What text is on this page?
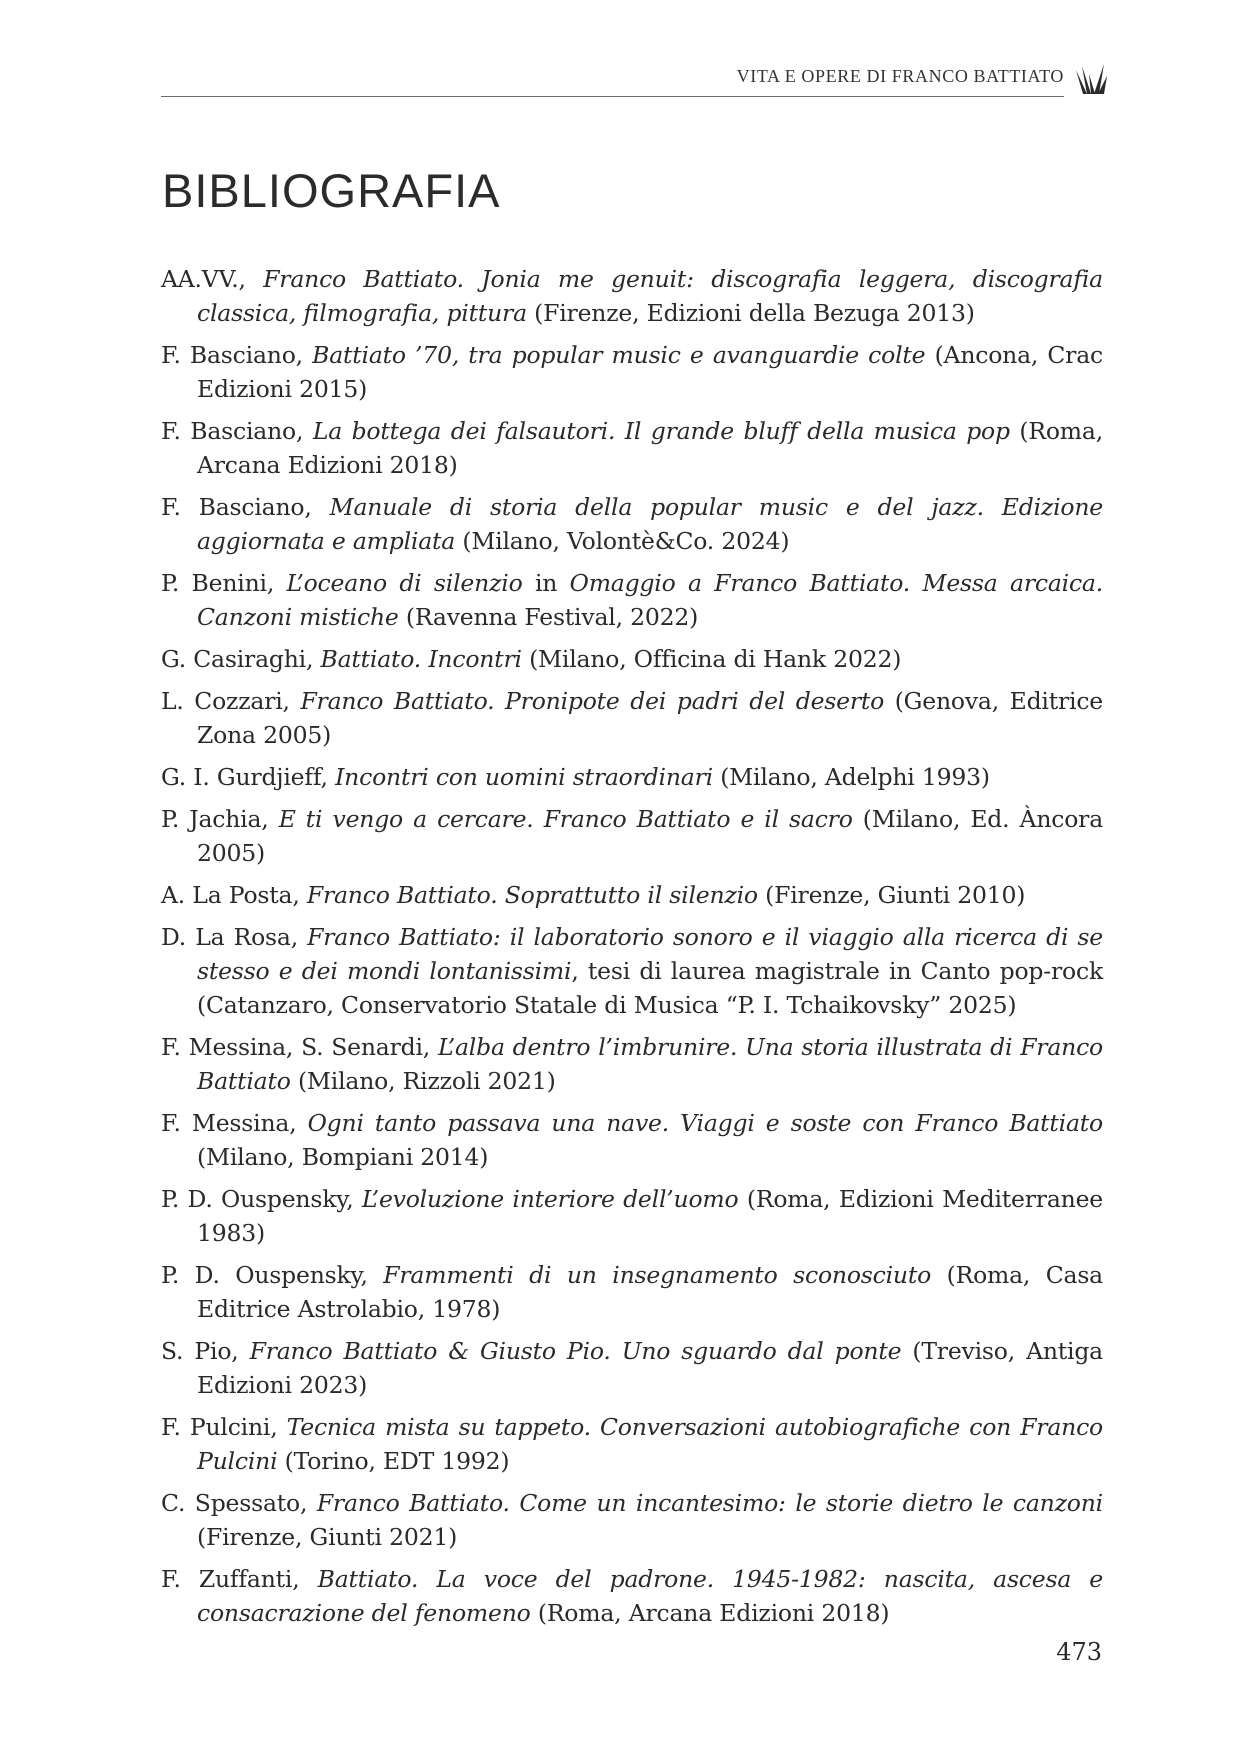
VITA E OPERE DI FRANCO BATTIATO
BIBLIOGRAFIA
AA.VV., Franco Battiato. Jonia me genuit: discografia leggera, discografia classica, filmografia, pittura (Firenze, Edizioni della Bezuga 2013)
F. Basciano, Battiato ’70, tra popular music e avanguardie colte (Ancona, Crac Edizioni 2015)
F. Basciano, La bottega dei falsautori. Il grande bluff della musica pop (Roma, Arcana Edizioni 2018)
F. Basciano, Manuale di storia della popular music e del jazz. Edizione aggiornata e ampliata (Milano, Volontè&Co. 2024)
P. Benini, L’oceano di silenzio in Omaggio a Franco Battiato. Messa arcaica. Canzoni mistiche (Ravenna Festival, 2022)
G. Casiraghi, Battiato. Incontri (Milano, Officina di Hank 2022)
L. Cozzari, Franco Battiato. Pronipote dei padri del deserto (Genova, Editrice Zona 2005)
G. I. Gurdjieff, Incontri con uomini straordinari (Milano, Adelphi 1993)
P. Jachia, E ti vengo a cercare. Franco Battiato e il sacro (Milano, Ed. Àncora 2005)
A. La Posta, Franco Battiato. Soprattutto il silenzio (Firenze, Giunti 2010)
D. La Rosa, Franco Battiato: il laboratorio sonoro e il viaggio alla ricerca di se stesso e dei mondi lontanissimi, tesi di laurea magistrale in Canto pop-rock (Catanzaro, Conservatorio Statale di Musica “P. I. Tchaikovsky” 2025)
F. Messina, S. Senardi, L’alba dentro l’imbrunire. Una storia illustrata di Franco Battiato (Milano, Rizzoli 2021)
F. Messina, Ogni tanto passava una nave. Viaggi e soste con Franco Battiato (Milano, Bompiani 2014)
P. D. Ouspensky, L’evoluzione interiore dell’uomo (Roma, Edizioni Mediterranee 1983)
P. D. Ouspensky, Frammenti di un insegnamento sconosciuto (Roma, Casa Editrice Astrolabio, 1978)
S. Pio, Franco Battiato & Giusto Pio. Uno sguardo dal ponte (Treviso, Antiga Edizioni 2023)
F. Pulcini, Tecnica mista su tappeto. Conversazioni autobiografiche con Franco Pulcini (Torino, EDT 1992)
C. Spessato, Franco Battiato. Come un incantesimo: le storie dietro le canzoni (Firenze, Giunti 2021)
F. Zuffanti, Battiato. La voce del padrone. 1945-1982: nascita, ascesa e consacrazione del fenomeno (Roma, Arcana Edizioni 2018)
473
